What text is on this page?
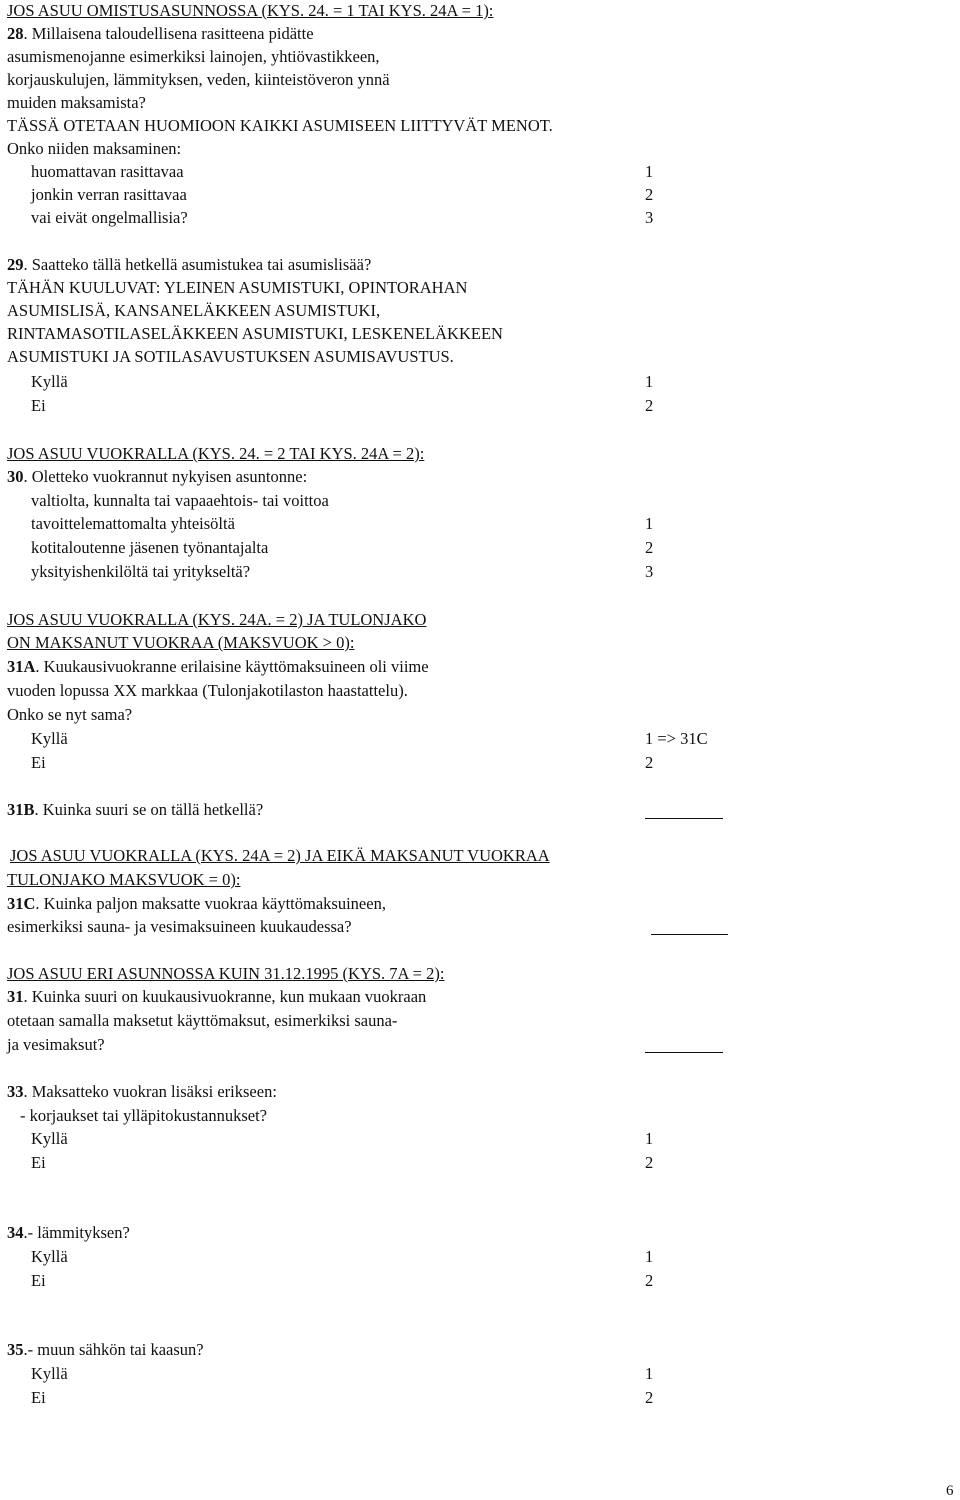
JOS ASUU OMISTUSASUNNOSSA (KYS. 24. = 1 TAI KYS. 24A = 1):
28. Millaisena taloudellisena rasitteena pidätte
asumismenojanne esimerkiksi lainojen, yhtiövastikkeen,
korjauskulujen, lämmityksen, veden, kiinteistöveron ynnä
muiden maksamista?
TÄSSÄ OTETAAN HUOMIOON KAIKKI ASUMISEEN LIITTYVÄT MENOT.
Onko niiden maksaminen:
huomattavan rasittavaa	1
jonkin verran rasittavaa	2
vai eivät ongelmallisia?	3
29. Saatteko tällä hetkellä asumistukea tai asumislisää?
TÄHÄN KUULUVAT: YLEINEN ASUMISTUKI, OPINTORAHAN
ASUMISLISÄ, KANSANELÄKKEEN ASUMISTUKI,
RINTAMASOTILASELÄKKEEN ASUMISTUKI, LESKENELÄKKEEN
ASUMISTUKI JA SOTILASAVUSTUKSEN ASUMISAVUSTUS.
Kyllä	1
Ei	2
JOS ASUU VUOKRALLA (KYS. 24. = 2 TAI KYS. 24A = 2):
30. Oletteko vuokrannut nykyisen asuntonne:
valtiolta, kunnalta tai vapaaehtois- tai voittoa
tavoittelemattomalta yhteisöltä	1
kotitaloutenne jäsenen työnantajalta	2
yksityishenkilöltä tai yritykseltä?	3
JOS ASUU VUOKRALLA (KYS. 24A. = 2) JA TULONJAKO
ON MAKSANUT VUOKRAA (MAKSVUOK > 0):
31A. Kuukausivuokranne erilaisine käyttömaksuineen oli viime
vuoden lopussa XX markkaa (Tulonjakotilaston haastattelu).
Onko se nyt sama?
Kyllä	1 => 31C
Ei	2
31B. Kuinka suuri se on tällä hetkellä?
JOS ASUU VUOKRALLA (KYS. 24A = 2) JA EIKÄ MAKSANUT VUOKRAA
TULONJAKO MAKSVUOK = 0):
31C. Kuinka paljon maksatte vuokraa käyttömaksuineen,
esimerkiksi sauna- ja vesimaksuineen kuukaudessa?
JOS ASUU ERI ASUNNOSSA KUIN 31.12.1995 (KYS. 7A = 2):
31. Kuinka suuri on kuukausivuokranne, kun mukaan vuokraan
otetaan samalla maksetut käyttömaksut, esimerkiksi sauna-
ja vesimaksut?
33. Maksatteko vuokran lisäksi erikseen:
- korjaukset tai ylläpitokustannukset?
Kyllä	1
Ei	2
34.- lämmityksen?
Kyllä	1
Ei	2
35.- muun sähkön tai kaasun?
Kyllä	1
Ei	2
6
